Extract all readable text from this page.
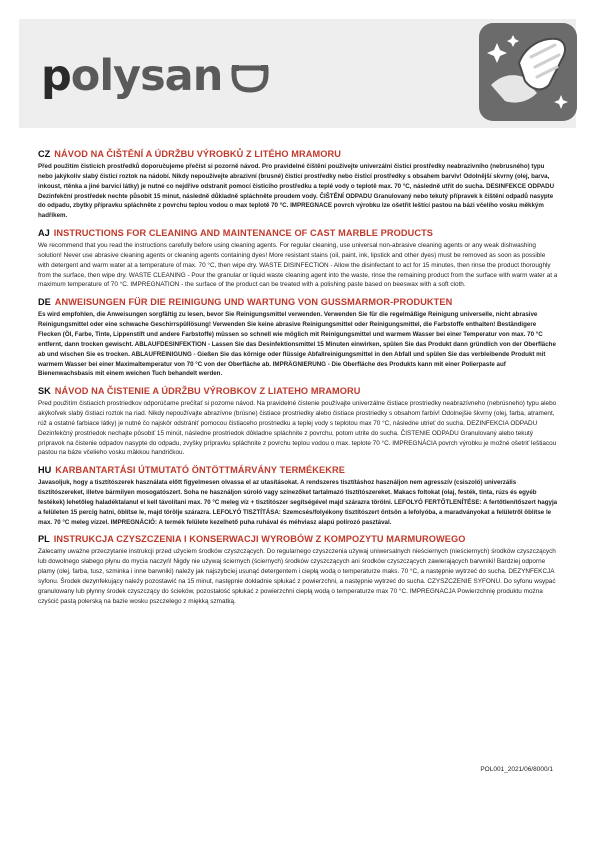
polysan
CZ NÁVOD NA ČIŠTĚNÍ A ÚDRŽBU VÝROBKŮ Z LITÉHO MRAMORU
Před použitím čisticích prostředků doporučujeme přečíst si pozorně návod. Pro pravidelné čištění používejte univerzální čisticí prostředky neabrazivního (nebrusného) typu nebo jakýkoliv slabý čisticí roztok na nádobí. Nikdy nepoužívejte abrazivní (brusné) čisticí prostředky nebo čisticí prostředky s obsahem barviv! Odolnější skvrny (olej, barva, inkoust, rtěnka a jiné barvicí látky) je nutné co nejdříve odstranit pomocí čisticího prostředku a teplé vody o teplotě max. 70 °C, následně utřít do sucha. DESINFEKCE ODPADU Dezinfekční prostředek nechte působit 15 minut, následně důkladně spláchněte proudem vody. ČIŠTĚNÍ ODPADU Granulovaný nebo tekutý přípravek k čištění odpadů nasypte do odpadu, zbytky přípravku spláchněte z povrchu teplou vodou o max teplotě 70 °C. IMPREGNACE povrch výrobku lze ošetřit leštící pastou na bázi včelího vosku měkkým hadříkem.
AJ INSTRUCTIONS FOR CLEANING AND MAINTENANCE OF CAST MARBLE PRODUCTS
We recommend that you read the instructions carefully before using cleaning agents. For regular cleaning, use universal non-abrasive cleaning agents or any weak dishwashing solution! Never use abrasive cleaning agents or cleaning agents containing dyes! More resistant stains (oil, paint, ink, lipstick and other dyes) must be removed as soon as possible with detergent and warm water at a temperature of max. 70 °C, then wipe dry. WASTE DISINFECTION - Allow the disinfectant to act for 15 minutes, then rinse the product thoroughly from the surface, then wipe dry. WASTE CLEANING - Pour the granular or liquid waste cleaning agent into the waste, rinse the remaining product from the surface with warm water at a maximum temperature of 70 °C. IMPREGNATION - the surface of the product can be treated with a polishing paste based on beeswax with a soft cloth.
DE ANWEISUNGEN FÜR DIE REINIGUNG UND WARTUNG VON GUSSMARMOR-PRODUKTEN
Es wird empfohlen, die Anweisungen sorgfältig zu lesen, bevor Sie Reinigungsmittel verwenden. Verwenden Sie für die regelmäßige Reinigung universelle, nicht abrasive Reinigungsmittel oder eine schwache Geschirrspüllösung! Verwenden Sie keine abrasive Reinigungsmittel oder Reinigungsmittel, die Farbstoffe enthalten! Beständigere Flecken (Öl, Farbe, Tinte, Lippenstift und andere Farbstoffe) müssen so schnell wie möglich mit Reinigungsmittel und warmem Wasser bei einer Temperatur von max. 70 °C entfernt, dann trocken gewischt. ABLAUFDESINFEKTION - Lassen Sie das Desinfektionsmittel 15 Minuten einwirken, spülen Sie das Produkt dann gründlich von der Oberfläche ab und wischen Sie es trocken. ABLAUFREINIGUNG - Gießen Sie das körnige oder flüssige Abfallreinigungsmittel in den Abfall und spülen Sie das verbleibende Produkt mit warmem Wasser bei einer Maximaltemperatur von 70 °C von der Oberfläche ab. IMPRÄGNIERUNG - Die Oberfläche des Produkts kann mit einer Polierpaste auf Bienenwachsbasis mit einem weichen Tuch behandelt werden.
SK NÁVOD NA ČISTENIE A ÚDRŽBU VÝROBKOV Z LIATEHO MRAMORU
Pred použitím čistiacich prostriedkov odporúčame prečítať si pozorne návod. Na pravidelné čistenie používajte univerzálne čistiace prostriedky neabrazívneho (nebrúsneho) typu alebo akýkoľvek slabý čistiaci roztok na riad. Nikdy nepoužívajte abrazívne (brúsne) čistiace prostriedky alebo čistiace prostriedky s obsahom farbív! Odolnejšie škvrny (olej, farba, atrament, rúž a ostatné farbiace látky) je nutné čo najskôr odstrániť pomocou čistiaceho prostriedku a teplej vody s teplotou max 70 °C, následne utrieť do sucha. DEZINFEKCIA ODPADU Dezinfekčný prostriedok nechajte pôsobiť 15 minút, následne prostriedok dôkladne spláchnite z povrchu, potom utrite do sucha. ČISTENIE ODPADU Granulovaný alebo tekutý prípravok na čistenie odpadov nasypte do odpadu, zvyšky prípravku spláchnite z povrchu teplou vodou o max. teplote 70 °C. IMPREGNÁCIA povrch výrobku je možné ošetriť leštiacou pastou na báze včelieho vosku mäkkou handričkou.
HU KARBANTARTÁSI ÚTMUTATÓ ÖNTÖTTMÁRVÁNY TERMÉKEKRE
Javasoljuk, hogy a tisztítószerek használata előtt figyelmesen olvassa el az utasításokat. A rendszeres tisztításhoz használjon nem agresszív (csiszoló) univerzális tisztítószereket, illetve bármilyen mosogatószert. Soha ne használjon súroló vagy színezőket tartalmazó tisztítószereket. Makacs foltokat (olaj, festék, tinta, rúzs és egyéb festékek) lehetőleg haladéktalanul el kell távolítani max. 70 °C meleg víz + tisztítószer segítségével majd szárazra törölni. LEFOLYÓ FERTŐTLENÍTÉSE: A fertőtlenítőszert hagyja a felületen 15 percig hatni, öblítse le, majd törölje szárazra. LEFOLYÓ TISZTÍTÁSA: Szemcsés/folyékony tisztítószert öntsön a lefolyóba, a maradványokat a felületről öblítse le max. 70 °C meleg vízzel. IMPREGNÁCIÓ: A termék felülete kezelhető puha ruhával és méhviasz alapú polírozó pasztával.
PL INSTRUKCJA CZYSZCZENIA I KONSERWACJI WYROBÓW Z KOMPOZYTU MARMUROWEGO
Zalecamy uważne przeczytanie instrukcji przed użyciem środków czyszczących. Do regularnego czyszczenia używaj uniwersalnych nieściernych (nieściernych) środków czyszczących lub dowolnego słabego płynu do mycia naczyń! Nigdy nie używaj ściernych (ściernych) środków czyszczących ani środków czyszczących zawierających barwniki! Bardziej odporne plamy (olej, farba, tusz, szminka i inne barwniki) należy jak najszybciej usunąć detergentem i ciepłą wodą o temperaturze maks. 70 °C, a następnie wytrzeć do sucha. DEZYNFEKCJA syfonu. Środek dezynfekujący należy pozostawić na 15 minut, następnie dokładnie spłukać z powierzchni, a następnie wytrzeć do sucha. CZYSZCZENIE SYFONU. Do syfonu wsypać granulowany lub płynny środek czyszczący do ścieków, pozostałość spłukać z powierzchni ciepłą wodą o temperaturze max 70 °C. IMPREGNACJA Powierzchnię produktu można czyścić pastą polerską na bazie wosku pszczelego z miękką szmatką.
POL001_2021/06/8000/1
